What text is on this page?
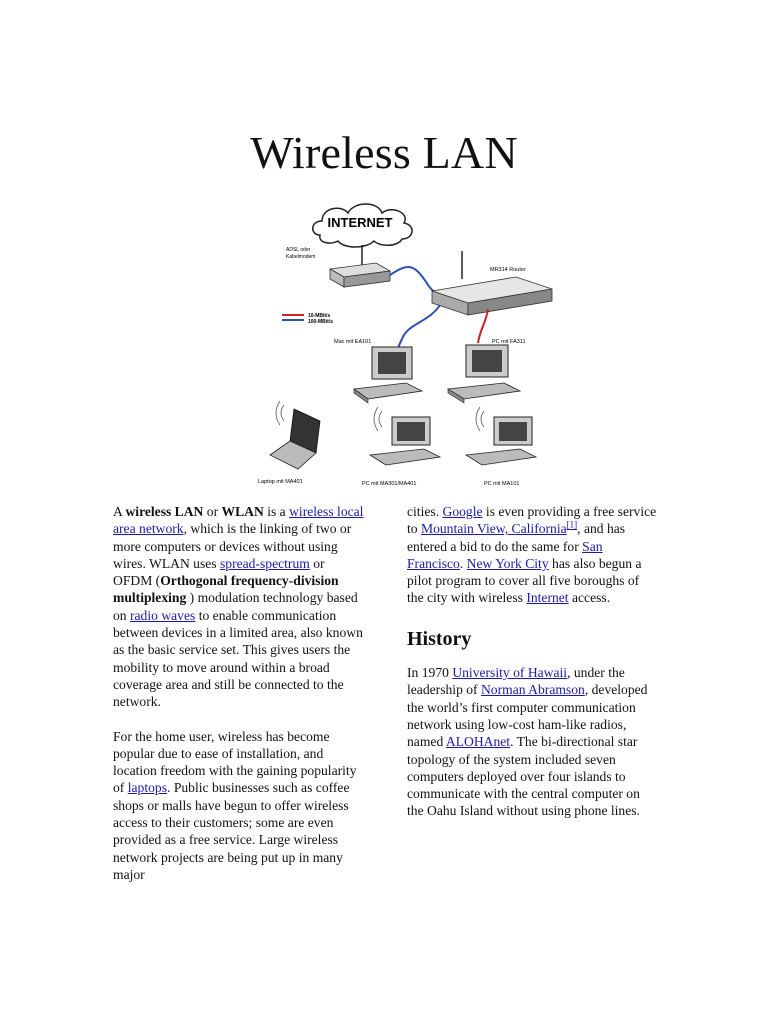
Wireless LAN
INTERNET
ADSL oder
Kabelmodem
MR314 Router
10-MBit/s
100-MBit/s
Mac mit EA101	PC mit FA311
Laptop mit MA401	PC mit MA301/MA401	PC mit MA101

A wireless LAN or WLAN is a wireless local area network, which is the linking of two or more computers or devices without using wires. WLAN uses spread-spectrum or OFDM (Orthogonal frequency-division multiplexing ) modulation technology based on radio waves to enable communication between devices in a limited area, also known as the basic service set. This gives users the mobility to move around within a broad coverage area and still be connected to the network.

For the home user, wireless has become popular due to ease of installation, and location freedom with the gaining popularity of laptops. Public businesses such as coffee shops or malls have begun to offer wireless access to their customers; some are even provided as a free service. Large wireless network projects are being put up in many major

cities. Google is even providing a free service to Mountain View, California[1], and has entered a bid to do the same for San Francisco. New York City has also begun a pilot program to cover all five boroughs of the city with wireless Internet access.

History

In 1970 University of Hawaii, under the leadership of Norman Abramson, developed the world’s first computer communication network using low-cost ham-like radios, named ALOHAnet. The bi-directional star topology of the system included seven computers deployed over four islands to communicate with the central computer on the Oahu Island without using phone lines.
